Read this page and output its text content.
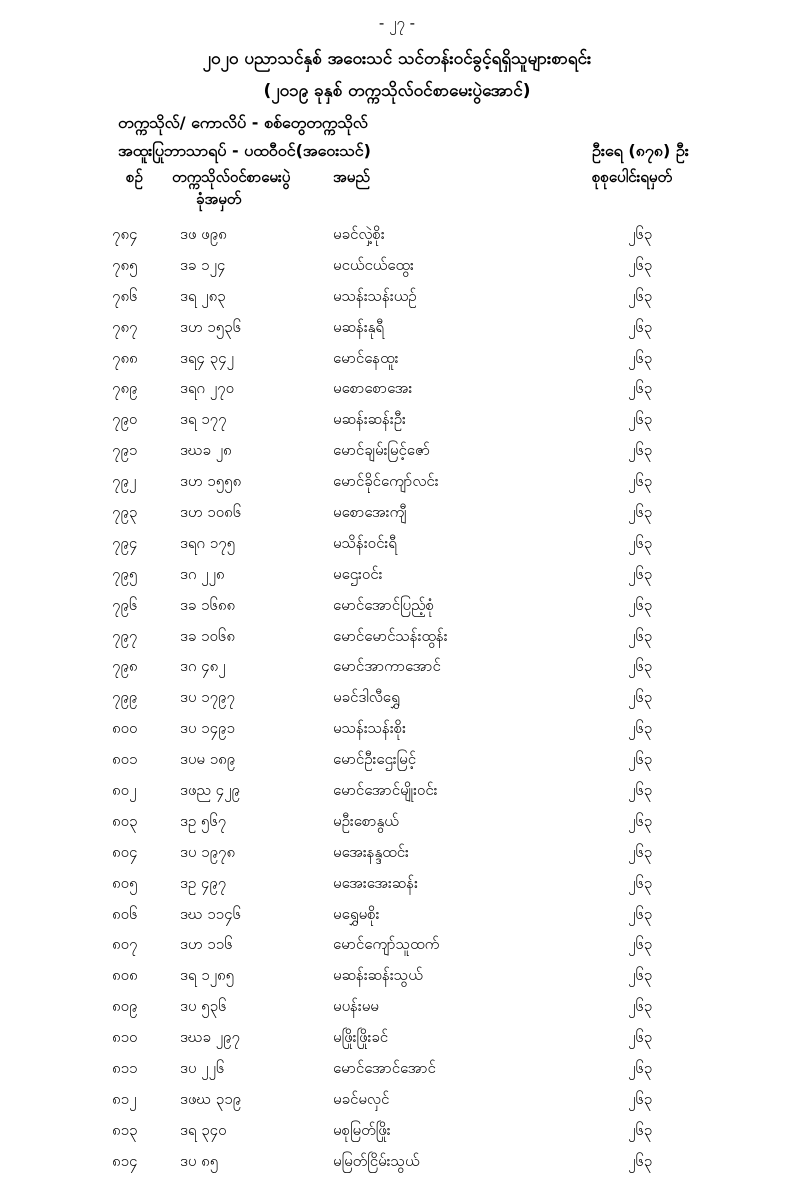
- ၂၇ -
၂၀၂၀ ပညာသင်နှစ် အဝေးသင် သင်တန်းဝင်ခွင့်ရရှိသူများစာရင်း
(၂၀၁၉ ခုနှစ် တက္ကသိုလ်ဝင်စာမေးပွဲအောင်)
တက္ကသိုလ်/ ကောလိပ် - စစ်တွေတက္ကသိုလ်
အထူးပြုဘာသာရပ် - ပထဝီဝင်(အဝေးသင်)	ဦးရေ (၈၇၈) ဦး
စဉ် တက္ကသိုလ်ဝင်စာမေးပွဲ
ခုံအမှတ်
အမည်	စုစုပေါင်းရမှတ်
၇၈၄	ဒဖ ဖ၉၈	မခင်လှဲ့စိုး	၂၆၃
၇၈၅	ဒခ ၁၂၄	မငယ်ငယ်ထွေး	၂၆၃
၇၈၆	ဒရ ၂၈၃	မသန်းသန်းယဉ်	၂၆၃
၇၈၇	ဒဟ ၁၅၃၆	မဆန်းနုရီ	၂၆၃
၇၈၈	ဒရ၄ ၃၄၂	မောင်နေထူး	၂၆၃
၇၈၉	ဒရဂ ၂၇၀	မစောစောအေး	၂၆၃
၇၉၀	ဒရ ၁၇၇	မဆန်းဆန်းဦး	၂၆၃
၇၉၁	ဒဃခ ၂၈	မောင်ချမ်းမြင့်ဇော်	၂၆၃
၇၉၂	ဒဟ ၁၅၅၈	မောင်ခိုင်ကျော်လင်း	၂၆၃
၇၉၃	ဒဟ ၁၀၈၆	မစောအေးကျီ	၂၆၃
၇၉၄	ဒရဂ ၁၇၅	မသိန်းဝင်းရီ	၂၆၃
၇၉၅	ဒဂ ၂၂၈	မဌေးဝင်း	၂၆၃
၇၉၆	ဒခ ၁၆၈၈	မောင်အောင်ပြည့်စုံ	၂၆၃
၇၉၇	ဒခ ၁၀၆၈	မောင်မောင်သန်းထွန်း	၂၆၃
၇၉၈	ဒဂ ၄၈၂	မောင်အာကာအောင်	၂၆၃
၇၉၉	ဒပ ၁၇၉၇	မခင်ဒါလီရွှေ	၂၆၃
၈၀၀	ဒပ ၁၄၉၁	မသန်းသန်းစိုး	၂၆၃
၈၀၁	ဒပမ ၁၈၉	မောင်ဦးဌေးမြင့်	၂၆၃
၈၀၂	ဒဖည ၄၂၉	မောင်အောင်မျိုးဝင်း	၂၆၃
၈၀၃	ဒဥ ၅၆၇	မဦးစောနွယ်	၂၆၃
၈၀၄	ဒပ ၁၉၇၈	မအေးနန္ဒထင်း	၂၆၃
၈၀၅	ဒဥ ၄၉၇	မအေးအေးဆန်း	၂၆၃
၈၀၆	ဒဃ ၁၁၄၆	မရွှေမစိုး	၂၆၃
၈၀၇	ဒဟ ၁၁၆	မောင်ကျော်သူထက်	၂၆၃
၈၀၈	ဒရ ၁၂၈၅	မဆန်းဆန်းသွယ်	၂၆၃
၈၀၉	ဒပ ၅၃၆	မပန်းမမ	၂၆၃
၈၁၀	ဒဃခ ၂၉၇	မဖြိုးဖြိုးခင်	၂၆၃
၈၁၁	ဒပ ၂၂၆	မောင်အောင်အောင်	၂၆၃
၈၁၂	ဒဖဃ ၃၁၉	မခင်မလှင်	၂၆၃
၈၁၃	ဒရ ၃၄၀	မစုမြတ်ဖြိုး	၂၆၃
၈၁၄	ဒပ ၈၅	မမြတ်ငြိမ်းသွယ်	၂၆၃
